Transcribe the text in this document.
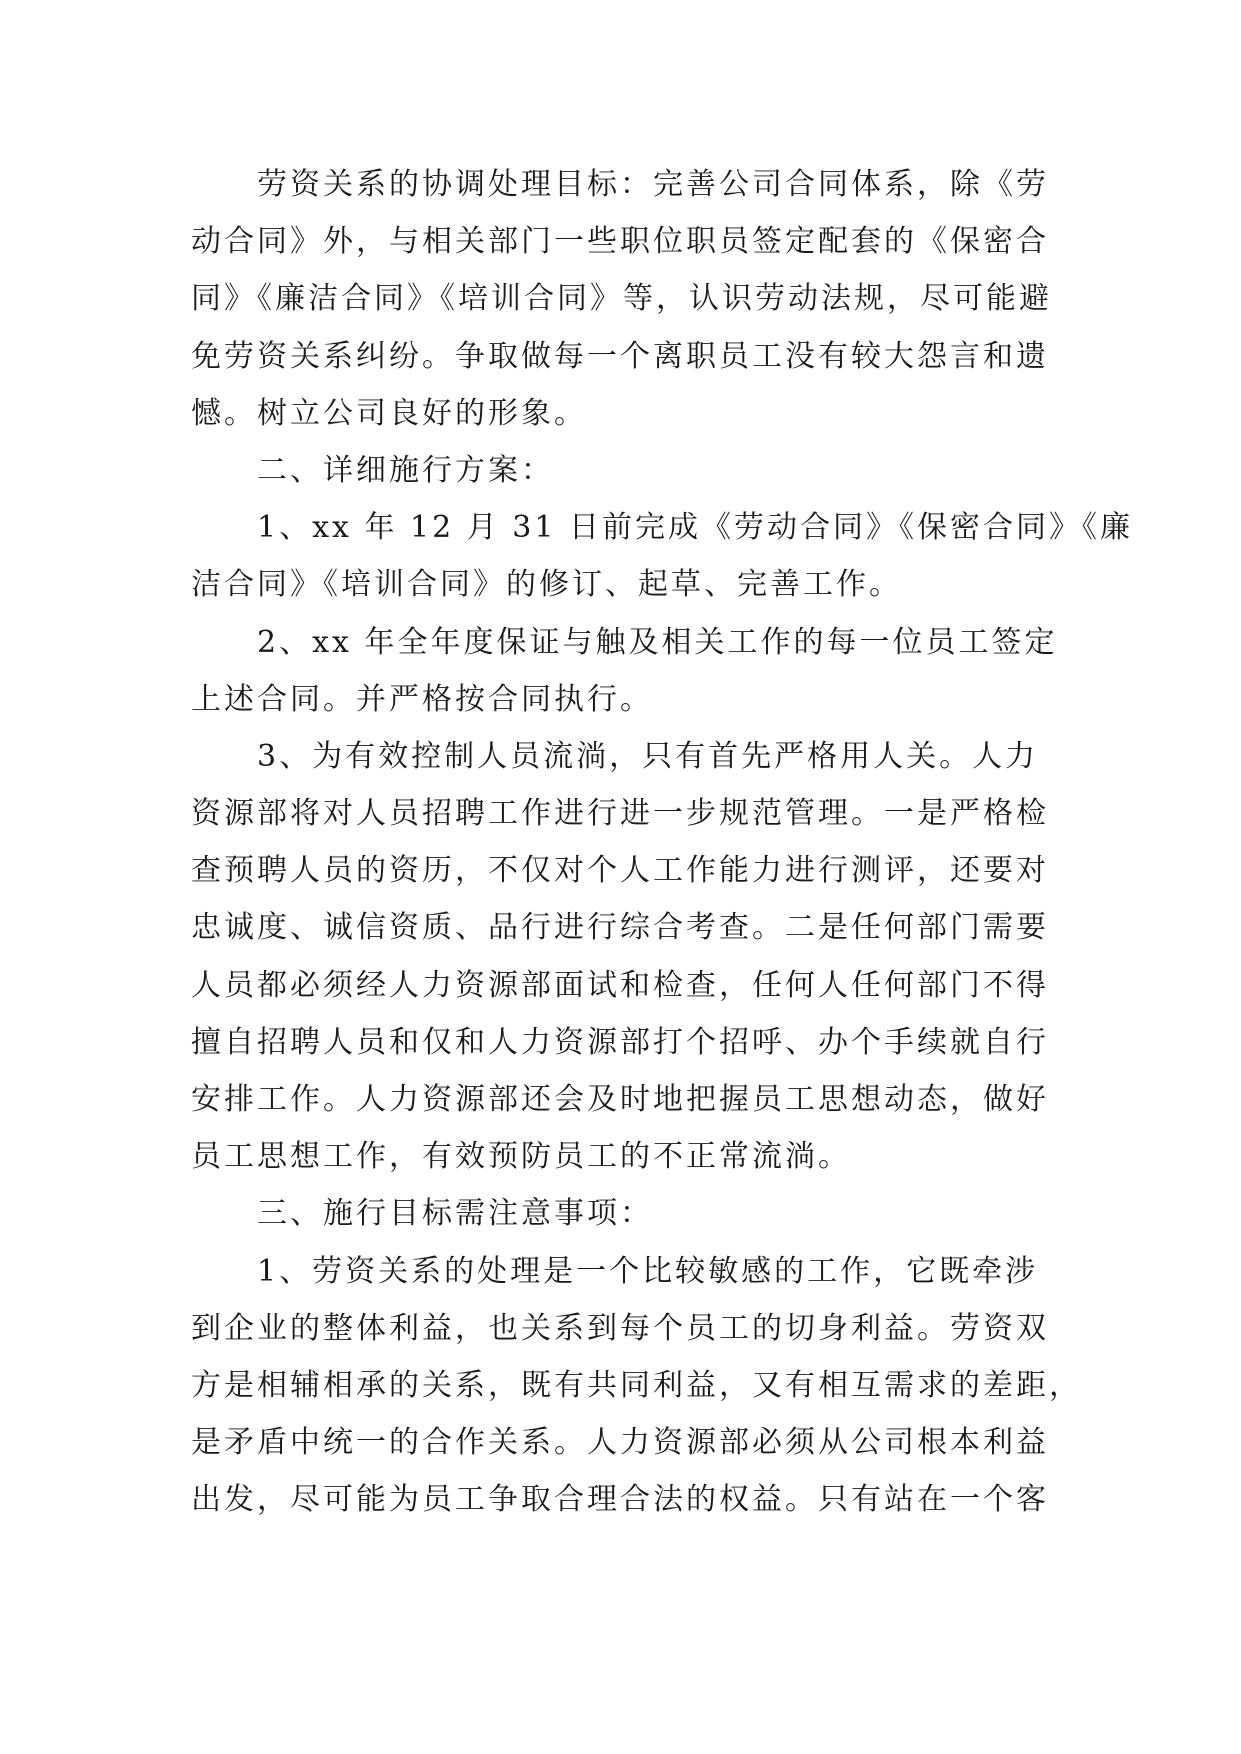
劳资关系的协调处理目标：完善公司合同体系，除《劳
动合同》外，与相关部门一些职位职员签定配套的《保密合
同》《廉洁合同》《培训合同》等，认识劳动法规，尽可能避
免劳资关系纠纷。争取做每一个离职员工没有较大怨言和遗
憾。树立公司良好的形象。
二、详细施行方案：
1、xx 年 12 月 31 日前完成《劳动合同》《保密合同》《廉
洁合同》《培训合同》的修订、起草、完善工作。
2、xx 年全年度保证与触及相关工作的每一位员工签定
上述合同。并严格按合同执行。
3、为有效控制人员流淌，只有首先严格用人关。人力
资源部将对人员招聘工作进行进一步规范管理。一是严格检
查预聘人员的资历，不仅对个人工作能力进行测评，还要对
忠诚度、诚信资质、品行进行综合考查。二是任何部门需要
人员都必须经人力资源部面试和检查，任何人任何部门不得
擅自招聘人员和仅和人力资源部打个招呼、办个手续就自行
安排工作。人力资源部还会及时地把握员工思想动态，做好
员工思想工作，有效预防员工的不正常流淌。
三、施行目标需注意事项：
1、劳资关系的处理是一个比较敏感的工作，它既牵涉
到企业的整体利益，也关系到每个员工的切身利益。劳资双
方是相辅相承的关系，既有共同利益，又有相互需求的差距，
是矛盾中统一的合作关系。人力资源部必须从公司根本利益
出发，尽可能为员工争取合理合法的权益。只有站在一个客
